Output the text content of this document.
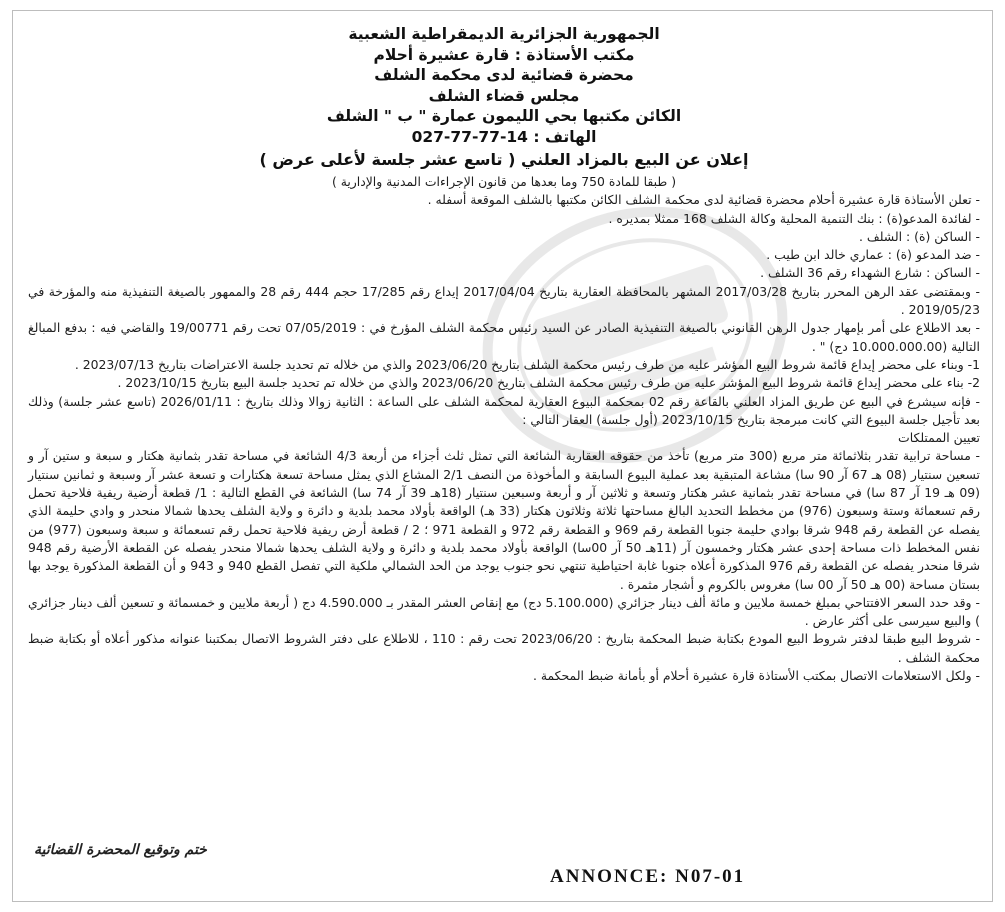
الجمهورية الجزائرية الديمقراطية الشعبية
مكتب الأستاذة : قارة عشيرة أحلام
محضرة قضائية لدى محكمة الشلف
مجلس قضاء الشلف
الكائن مكتبها بحي الليمون عمارة " ب " الشلف
الهاتف : 14-77-77-027
إعلان عن البيع بالمزاد العلني ( تاسع عشر جلسة لأعلى عرض )
( طبقا للمادة 750 وما بعدها من قانون الإجراءات المدنية والإدارية )
- تعلن الأستاذة قارة عشيرة أحلام محضرة قضائية لدى محكمة الشلف الكائن مكتبها بالشلف الموقعة أسفله .
- لفائدة المدعو(ة) : بنك التنمية المحلية وكالة الشلف 168 ممثلا بمديره .
- الساكن (ة) : الشلف .
- ضد المدعو (ة) : عماري خالد ابن طيب .
- الساكن : شارع الشهداء رقم 36 الشلف .
- وبمقتضى عقد الرهن المحرر بتاريخ 2017/03/28 المشهر بالمحافظة العقارية بتاريخ 2017/04/04 إيداع رقم 17/285 حجم 444 رقم 28 والممهور بالصيغة التنفيذية منه والمؤرخة في 2019/05/23 .
- بعد الاطلاع على أمر بإمهار جدول الرهن القانوني بالصيغة التنفيذية الصادر عن السيد رئيس محكمة الشلف المؤرخ في : 07/05/2019 تحت رقم 19/00771 والقاضي فيه : بدفع المبالغ التالية (10.000.000.00 دج) " .
1- وبناء على محضر إيداع قائمة شروط البيع المؤشر عليه من طرف رئيس محكمة الشلف بتاريخ 2023/06/20 والذي من خلاله تم تحديد جلسة الاعتراضات بتاريخ 2023/07/13 .
2- بناء على محضر إيداع قائمة شروط البيع المؤشر عليه من طرف رئيس محكمة الشلف بتاريخ 2023/06/20 والذي من خلاله تم تحديد جلسة البيع بتاريخ 2023/10/15 .
- فإنه سيشرع في البيع عن طريق المزاد العلني بالقاعة رقم 02 بمحكمة البيوع العقارية لمحكمة الشلف على الساعة : الثانية زوالا وذلك بتاريخ : 2026/01/11 (تاسع عشر جلسة) وذلك بعد تأجيل جلسة البيوع التي كانت مبرمجة بتاريخ 2023/10/15 (أول جلسة) العقار التالي :
تعيين الممتلكات
- مساحة ترابية تقدر بثلاثمائة متر مربع (300 متر مربع) تأخذ من حقوقه العقارية الشائعة التي تمثل ثلث أجزاء من أربعة 4/3 الشائعة في مساحة تقدر بثمانية هكتار و سبعة و ستين آر و تسعين سنتيار (08 هـ 67 آر 90 سا) مشاعة المتبقية بعد عملية البيوع السابقة و المأخوذة من النصف 2/1 المشاع الذي يمثل مساحة تسعة هكتارات و تسعة عشر آر وسبعة و ثمانين سنتيار (09 هـ 19 آر 87 سا) في مساحة تقدر بثمانية عشر هكتار وتسعة و ثلاثين آر و أربعة وسبعين سنتيار (18هـ 39 آر 74 سا) الشائعة في القطع التالية : 1/ قطعة أرضية ريفية فلاحية تحمل رقم تسعمائة وستة وسبعون (976) من مخطط التحديد البالغ مساحتها ثلاثة وثلاثون هكتار (33 هـ) الواقعة بأولاد محمد بلدية و دائرة و ولاية الشلف يحدها شمالا منحدر و وادي حليمة الذي يفصله عن القطعة رقم 948 شرقا بوادي حليمة جنوبا القطعة رقم 969 و القطعة رقم 972 و القطعة 971 ؛ 2 / قطعة أرض ريفية فلاحية تحمل رقم تسعمائة و سبعة وسبعون (977) من نفس المخطط ذات مساحة إحدى عشر هكتار وخمسون آر (11هـ 50 آر 00سا) الواقعة بأولاد محمد بلدية و دائرة و ولاية الشلف يحدها شمالا منحدر يفصله عن القطعة الأرضية رقم 948 شرقا منحدر يفصله عن القطعة رقم 976 المذكورة أعلاه جنوبا غابة احتياطية تنتهي نحو جنوب يوجد من الحد الشمالي ملكية التي تفصل القطع 940 و 943 و أن القطعة المذكورة يوجد بها بستان مساحة (00 هـ 50 آر 00 سا) مغروس بالكروم و أشجار مثمرة .
- وقد حدد السعر الافتتاحي بمبلغ خمسة ملايين و مائة ألف دينار جزائري (5.100.000 دج) مع إنقاص العشر المقدر بـ 4.590.000 دج ( أربعة ملايين و خمسمائة و تسعين ألف دينار جزائري ) والبيع سيرسى على أكثر عارض .
- شروط البيع طبقا لدفتر شروط البيع المودع بكتابة ضبط المحكمة بتاريخ : 2023/06/20 تحت رقم : 110 ، للاطلاع على دفتر الشروط الاتصال بمكتبنا عنوانه مذكور أعلاه أو بكتابة ضبط محكمة الشلف .
- ولكل الاستعلامات الاتصال بمكتب الأستاذة قارة عشيرة أحلام أو بأمانة ضبط المحكمة .
ختم وتوقيع المحضرة القضائية
ANNONCE: N07-01
